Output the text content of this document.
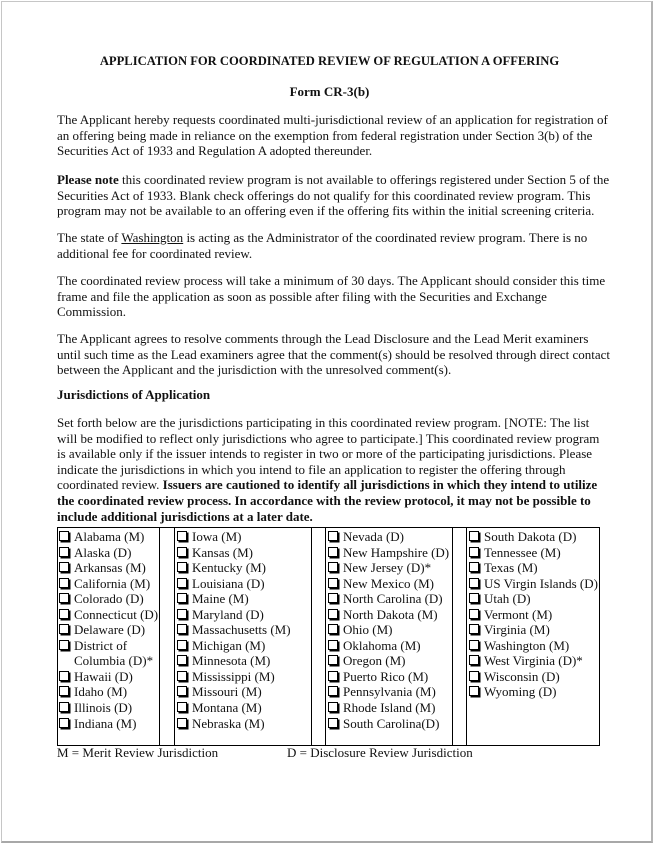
APPLICATION FOR COORDINATED REVIEW OF REGULATION A OFFERING
Form CR-3(b)
The Applicant hereby requests coordinated multi-jurisdictional review of an application for registration of
an offering being made in reliance on the exemption from federal registration under Section 3(b) of the
Securities Act of 1933 and Regulation A adopted thereunder.
Please note this coordinated review program is not available to offerings registered under Section 5 of the
Securities Act of 1933. Blank check offerings do not qualify for this coordinated review program. This
program may not be available to an offering even if the offering fits within the initial screening criteria.
The state of Washington is acting as the Administrator of the coordinated review program. There is no
additional fee for coordinated review.
The coordinated review process will take a minimum of 30 days. The Applicant should consider this time
frame and file the application as soon as possible after filing with the Securities and Exchange
Commission.
The Applicant agrees to resolve comments through the Lead Disclosure and the Lead Merit examiners
until such time as the Lead examiners agree that the comment(s) should be resolved through direct contact
between the Applicant and the jurisdiction with the unresolved comment(s).
Jurisdictions of Application
Set forth below are the jurisdictions participating in this coordinated review program. [NOTE: The list
will be modified to reflect only jurisdictions who agree to participate.] This coordinated review program
is available only if the issuer intends to register in two or more of the participating jurisdictions. Please
indicate the jurisdictions in which you intend to file an application to register the offering through
coordinated review. Issuers are cautioned to identify all jurisdictions in which they intend to utilize
the coordinated review process. In accordance with the review protocol, it may not be possible to
include additional jurisdictions at a later date.
Alabama (M)
Alaska (D)
Arkansas (M)
California (M)
Colorado (D)
Connecticut (D)
Delaware (D)
District of
Columbia (D)*
Hawaii (D)
Idaho (M)
Illinois (D)
Indiana (M)
Iowa (M)
Kansas (M)
Kentucky (M)
Louisiana (D)
Maine (M)
Maryland (D)
Massachusetts (M)
Michigan (M)
Minnesota (M)
Mississippi (M)
Missouri (M)
Montana (M)
Nebraska (M)
Nevada (D)
New Hampshire (D)
New Jersey (D)*
New Mexico (M)
North Carolina (D)
North Dakota (M)
Ohio (M)
Oklahoma (M)
Oregon (M)
Puerto Rico (M)
Pennsylvania (M)
Rhode Island (M)
South Carolina(D)
South Dakota (D)
Tennessee (M)
Texas (M)
US Virgin Islands (D)
Utah (D)
Vermont (M)
Virginia (M)
Washington (M)
West Virginia (D)*
Wisconsin (D)
Wyoming (D)
M = Merit Review Jurisdiction	D = Disclosure Review Jurisdiction
